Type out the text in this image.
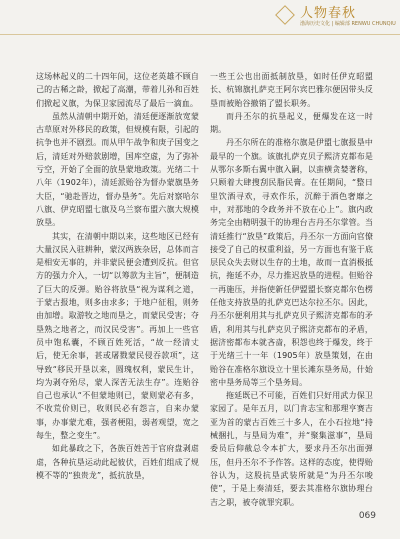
人物春秋
渤海历史文化 | 编辑部 RENWU CHUNQIU

这场林起义的二十四年间，这位老英雄不顾自己的古稀之龄，掀起了高潮，带着儿孙和百姓们掀起义旗，为保卫家园流尽了最后一滴血。

虽然从清朝中期开始，清廷便逐渐放宽蒙古草原对外移民的政策，但规模有限，引起的抗争也并不剧烈。而从甲午战争和庚子国变之后，清廷对外赔款剧增，国库空虚，为了弥补亏空，开始了全面的放垦蒙地政策。光绪二十八年（1902年），清廷派贻谷为督办蒙旗垦务大臣，“驰赴晋边，督办垦务”。先后对察哈尔八旗、伊克昭盟七旗及乌兰察布盟六旗大规模放垦。

其实，在清朝中期以来，这些地区已经有大量汉民入驻耕种，蒙汉两族杂居，总体而言是相安无事的，并非蒙民便会遭到反抗。但官方的强力介入，一切“以筹款为主旨”，便制造了巨大的反弹。贻谷将放垦“视为谋利之道，于蒙古报地，则多由求多；于地户征租，则务由加增。取游牧之地而垦之，而蒙民受害；夺垦熟之地者之，而汉民受害”。再加上一些官员中饱私囊，不顾百姓死活，“故一经清丈后，使无余事，甚或屠戮蒙民侵吞款项”，这导致“移民开垦以来，圆瑰权利，蒙民生计，均为剥夺殆尽，蒙人深苦无法生存”。连贻谷自己也承认“不但蒙地则已，蒙则蒙必有多，不收荒价则已，收则民必有怨言，自来办蒙事，办事蒙尤难，强者梗阻，弱者观望，宽之每生，整之变生”。

如此暴政之下，各族百姓苦于官府盘剥虐虐，各种抗垦运动此起彼伏，百姓们组成了规模不等的“独贵龙”，抵抗放垦，

一些王公也出面抵制放垦，如时任伊克昭盟长、杭锦旗扎萨克王阿尔宾巴雅尔便因带头反垦而被贻谷撤销了盟长职务。

而丹丕尔的抗垦起义，便爆发在这一时期。

丹丕尔所在的准格尔旗是伊盟七旗报垦中最早的一个旗。该旗扎萨克贝子熙济克都布是从鄂尔多斯右翼中旗入嗣，以蛮横贪婪著称，只顾着大肆搜刮民脂民膏。在任期间，“整日里饮酒寻欢，寻欢作乐，沉醉于酒色奢靡之中，对那地的令政务并不放在心上”。旗内政务完全由精明强干的协理台吉丹丕尔掌管。当清廷推行“放垦”政策后，丹丕尔一方面向官僚接受了自己的权重利益，另一方面也有鉴于底层民众失去财以生存的土地，故而一直消极抵抗，拖延不办，尽力推迟放垦的进程。但贻谷一再施压，并指使新任伊盟盟长察克都尔色楞任他支持放垦的扎萨克巴达尔拉丕尔。因此，丹丕尔便利用其与扎萨克贝子熙济克都布的矛盾，利用其与扎萨克贝子熙济克都布的矛盾，据济密都布本就吝啬，积怨也终于爆发，终于于光绪三十一年（1905年）放垦策划，在由贻谷在准格尔旗设立十里长滩东垦务局，什始密中垦务局等三个垦务局。

拖延既已不可能，百姓们只好用武力保卫家园了。是年五月，以门肯志宝和那理亨赛吉亚为首的蒙古百姓三十多人，在小石拉地“持械捆扎，与垦局为难”，并“聚集滋事”，垦局委员后仰截总令本扩大，要求丹丕尔出面弹压，但丹丕尔不予作答。这样的态度，使得贻谷认为，这股抗垦武装所就是“为丹丕尔唆使”，于是上奏清廷，要去其准格尔旗协理台吉之职，被夺就罪究职。

069
